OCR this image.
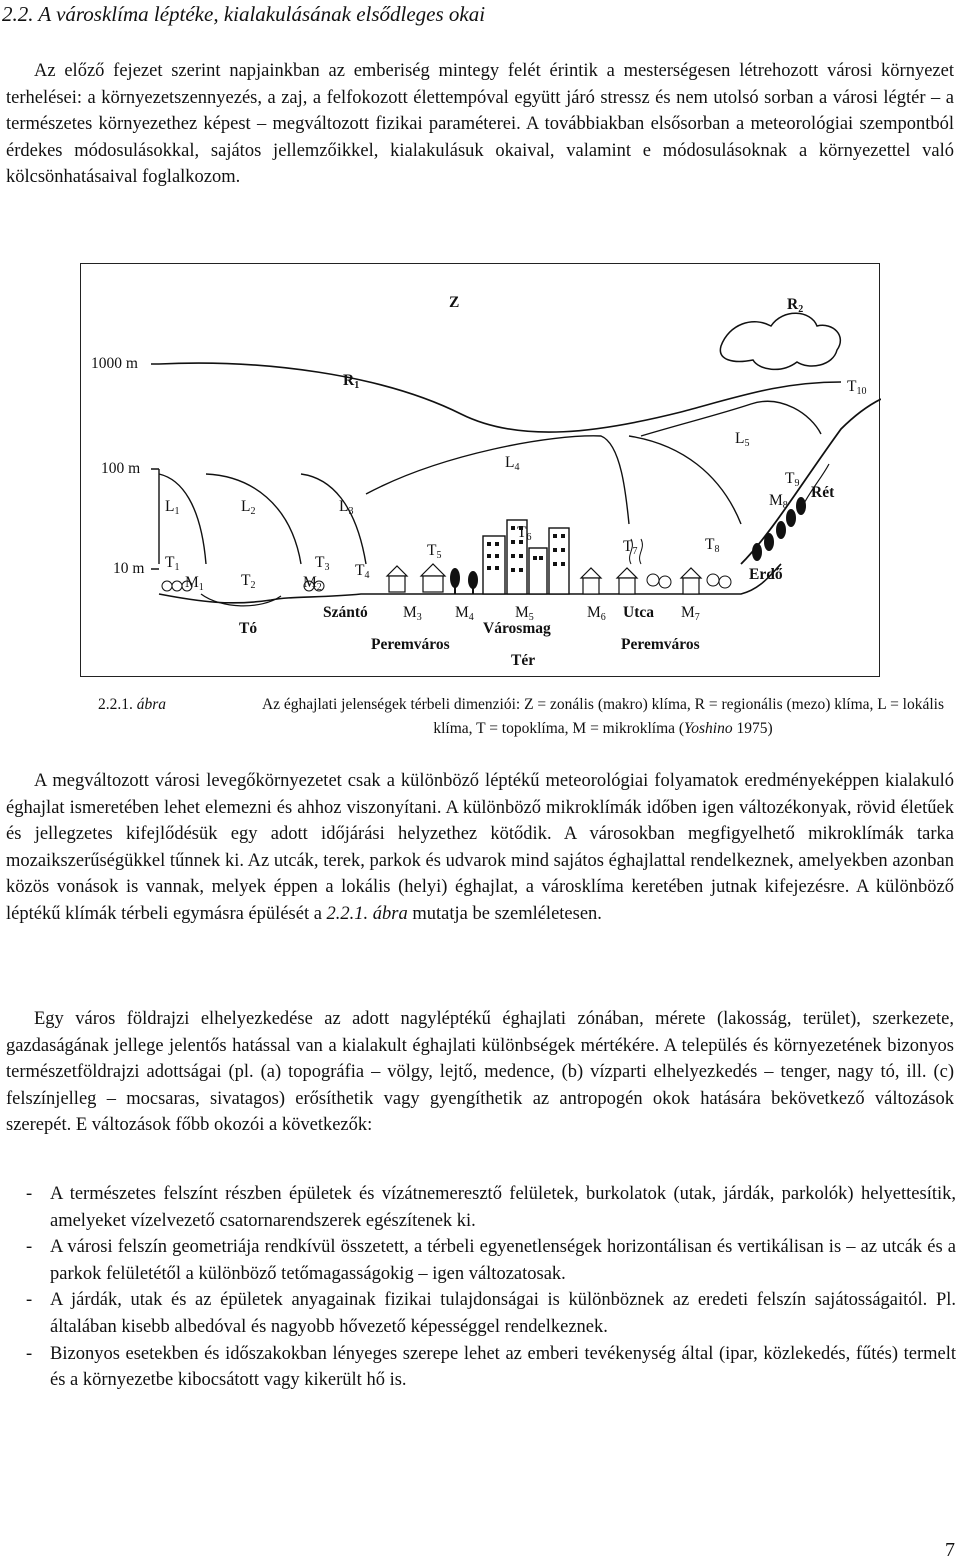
2.2. A városklíma léptéke, kialakulásának elsődleges okai

Az előző fejezet szerint napjainkban az emberiség mintegy felét érintik a mesterségesen létrehozott városi környezet terhelései: a környezetszennyezés, a zaj, a felfokozott élettempóval együtt járó stressz és nem utolsó sorban a városi légtér – a természetes környezethez képest – megváltozott fizikai paraméterei. A továbbiakban elsősorban a meteorológiai szempontból érdekes módosulásokkal, sajátos jellemzőikkel, kialakulásuk okaival, valamint e módosulásoknak a környezettel való kölcsönhatásaival foglalkozom.

1000 m
100 m
10 m
Z	$R_2$
$R_1$	$T_{10}$
$L_5$
$L_4$
$T_9$
Rét
$M_8$
$L_1$	$L_2$	$L_3$
$T_6$
$T_5$
$T_7$	$T_8$
Erdő
$T_1$
$M_1$ $T_2$
$T_3$ $T_4$
$M_2$
Szántó $M_3$ $M_4$	$M_5$	$M_6$ Utca $M_7$
Tó	Városmag
Peremváros	Peremváros
Tér

2.2.1. ábra	Az éghajlati jelenségek térbeli dimenziói: Z = zonális (makro) klíma, R = regionális (mezo) klíma, L = lokális klíma, T = topoklíma, M = mikroklíma (Yoshino 1975)

A megváltozott városi levegőkörnyezetet csak a különböző léptékű meteorológiai folyamatok eredményeképpen kialakuló éghajlat ismeretében lehet elemezni és ahhoz viszonyítani. A különböző mikroklímák időben igen változékonyak, rövid életűek és jellegzetes kifejlődésük egy adott időjárási helyzethez kötődik. A városokban megfigyelhető mikroklímák tarka mozaikszerűségükkel tűnnek ki. Az utcák, terek, parkok és udvarok mind sajátos éghajlattal rendelkeznek, amelyekben azonban közös vonások is vannak, melyek éppen a lokális (helyi) éghajlat, a városklíma keretében jutnak kifejezésre. A különböző léptékű klímák térbeli egymásra épülését a 2.2.1. ábra mutatja be szemléletesen.

Egy város földrajzi elhelyezkedése az adott nagyléptékű éghajlati zónában, mérete (lakosság, terület), szerkezete, gazdaságának jellege jelentős hatással van a kialakult éghajlati különbségek mértékére. A település és környezetének bizonyos természetföldrajzi adottságai (pl. (a) topográfia – völgy, lejtő, medence, (b) vízparti elhelyezkedés – tenger, nagy tó, ill. (c) felszínjelleg – mocsaras, sivatagos) erősíthetik vagy gyengíthetik az antropogén okok hatására bekövetkező változások szerepét. E változások főbb okozói a következők:

- A természetes felszínt részben épületek és vízátnemeresztő felületek, burkolatok (utak, járdák, parkolók) helyettesítik, amelyeket vízelvezető csatornarendszerek egészítenek ki.
- A városi felszín geometriája rendkívül összetett, a térbeli egyenetlenségek horizontálisan és vertikálisan is – az utcák és a parkok felületétől a különböző tetőmagasságokig – igen változatosak.
- A járdák, utak és az épületek anyagainak fizikai tulajdonságai is különböznek az eredeti felszín sajátosságaitól. Pl. általában kisebb albedóval és nagyobb hővezető képességgel rendelkeznek.
- Bizonyos esetekben és időszakokban lényeges szerepe lehet az emberi tevékenység által (ipar, közlekedés, fűtés) termelt és a környezetbe kibocsátott vagy kikerült hő is.
7
